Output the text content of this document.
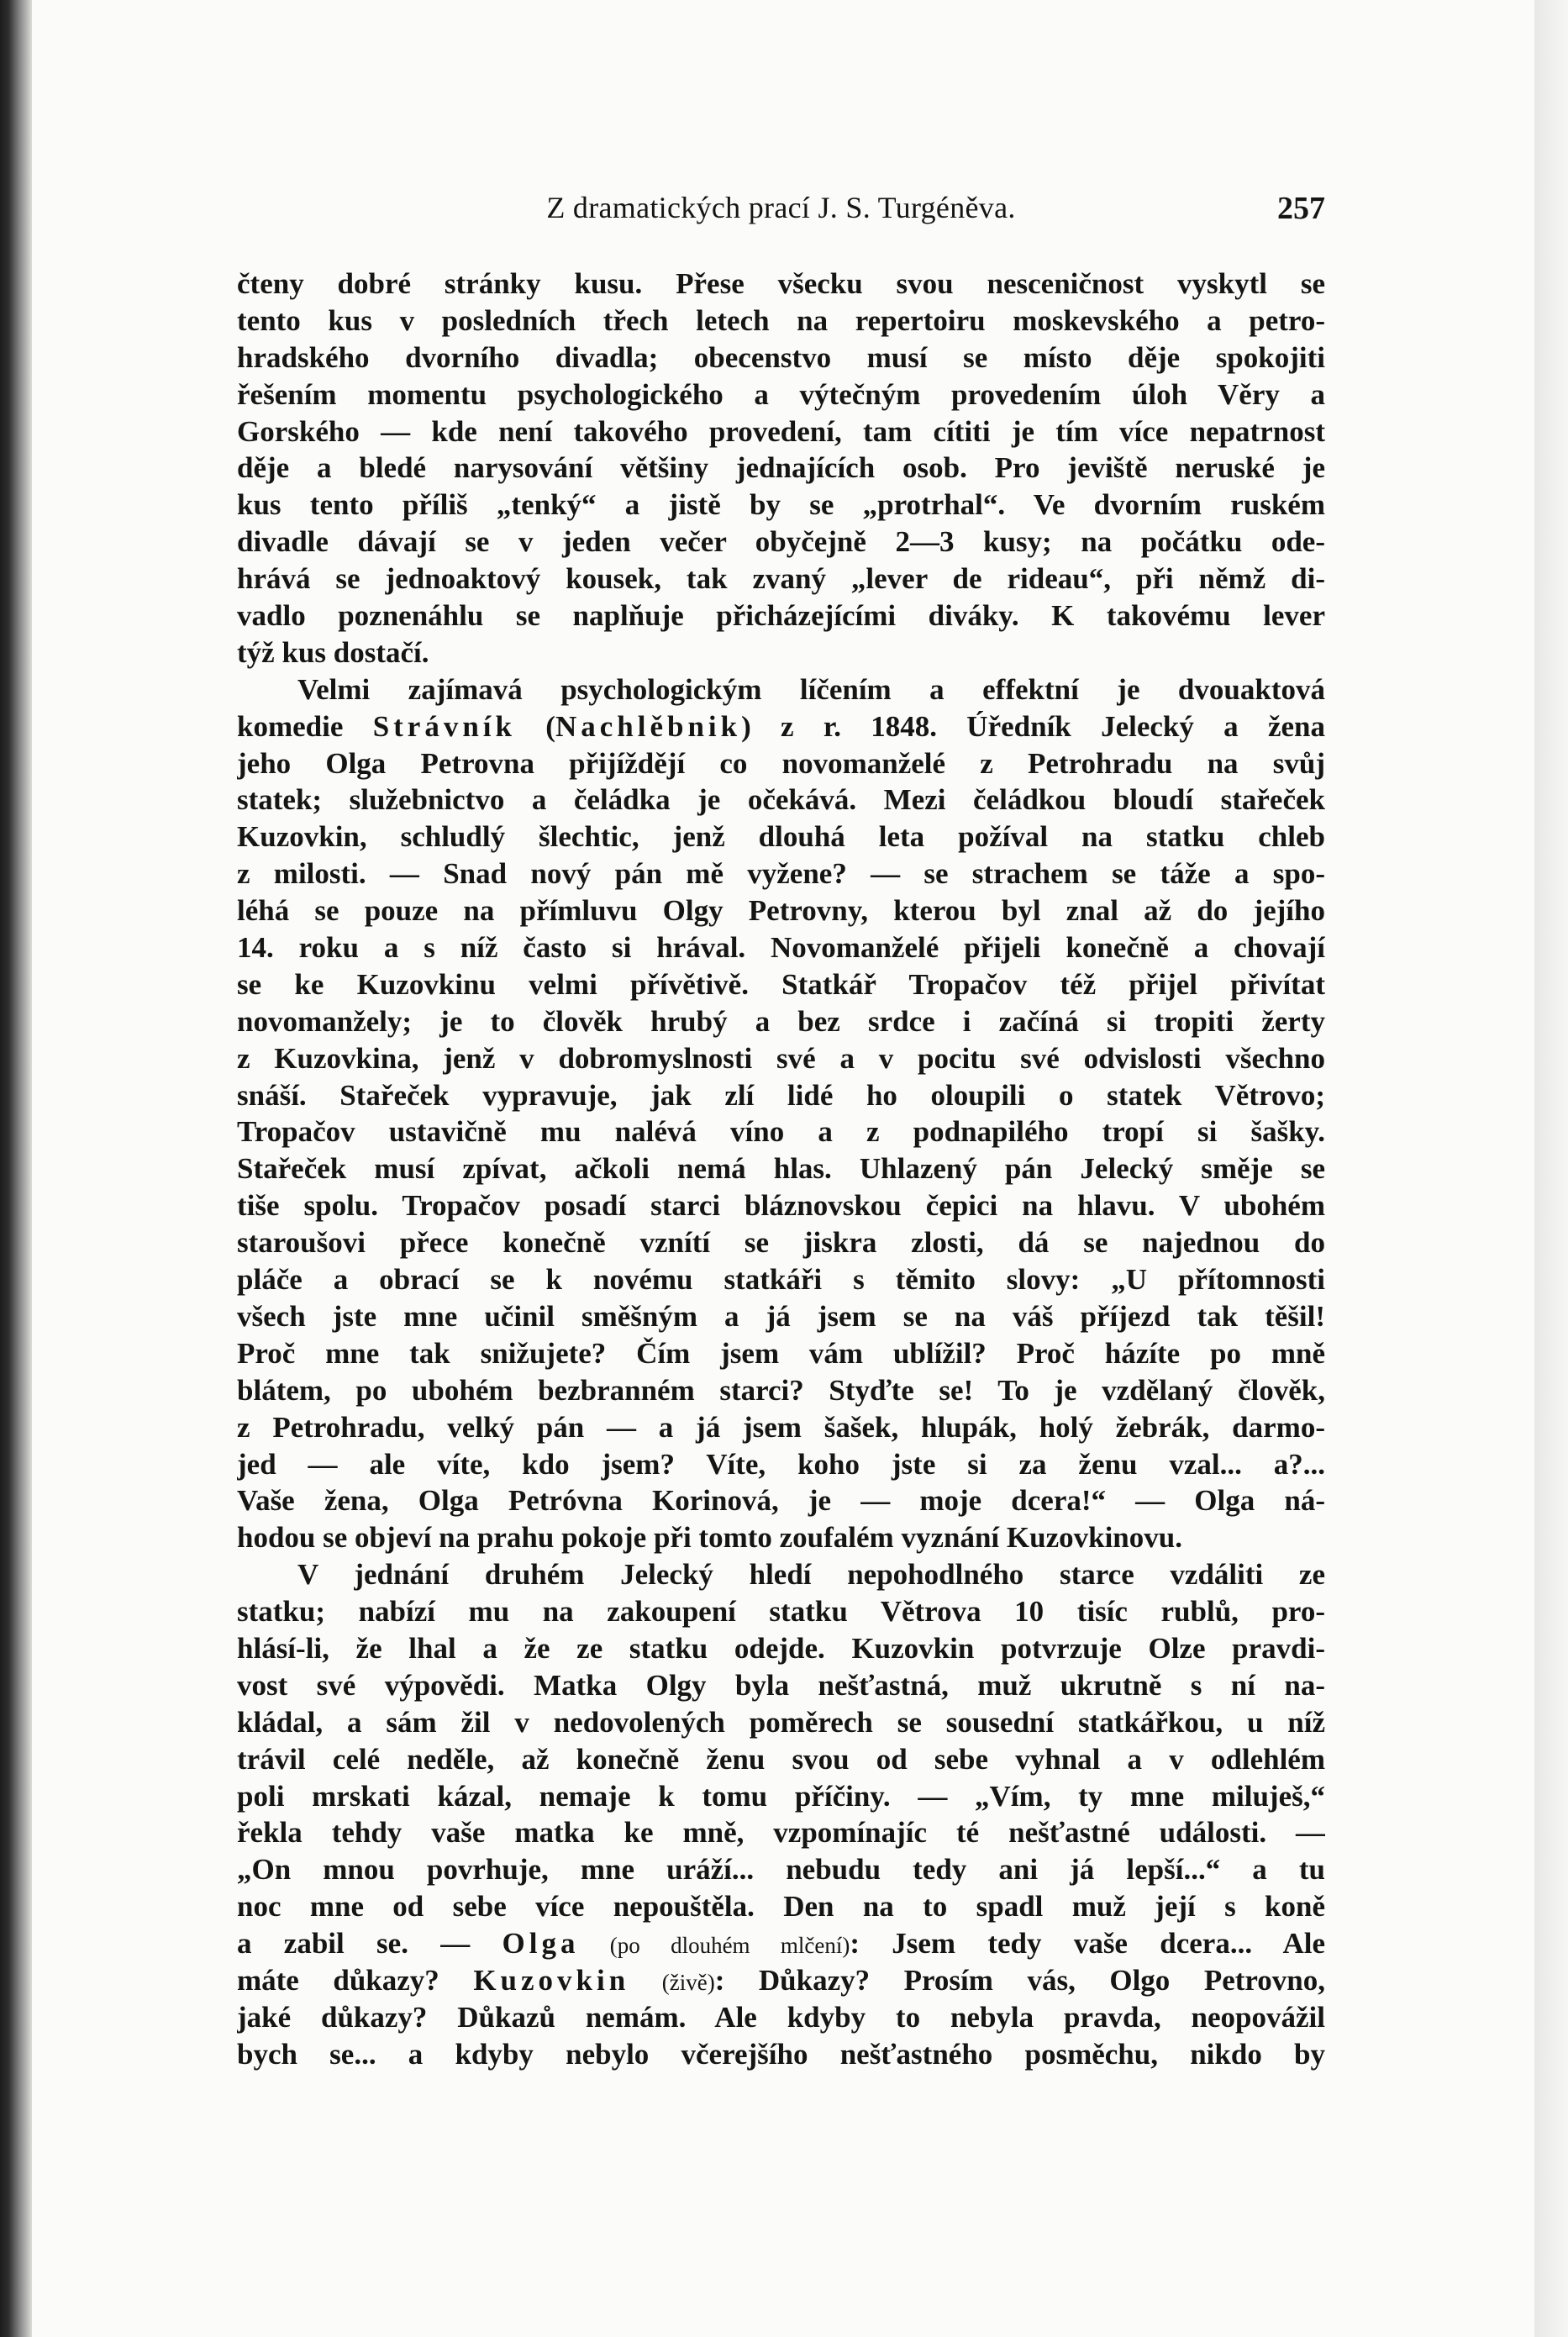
Z dramatických prací J. S. Turgéněva.	257
čteny dobré stránky kusu. Přese všecku svou nesceničnost vyskytl se
tento kus v posledních třech letech na repertoiru moskevského a petro-
hradského dvorního divadla; obecenstvo musí se místo děje spokojiti
řešením momentu psychologického a výtečným provedením úloh Věry a
Gorského — kde není takového provedení, tam cítiti je tím více nepatrnost
děje a bledé narysování většiny jednajících osob. Pro jeviště neruské je
kus tento příliš „tenký“ a jistě by se „protrhal“. Ve dvorním ruském
divadle dávají se v jeden večer obyčejně 2—3 kusy; na počátku ode-
hrává se jednoaktový kousek, tak zvaný „lever de rideau“, při němž di-
vadlo poznenáhlu se naplňuje přicházejícími diváky. K takovému lever
týž kus dostačí.
Velmi zajímavá psychologickým líčením a effektní je dvouaktová
komedie Strávník (Nachlěbnik) z r. 1848. Úředník Jelecký a žena
jeho Olga Petrovna přijíždějí co novomanželé z Petrohradu na svůj
statek; služebnictvo a čeládka je očekává. Mezi čeládkou bloudí stařeček
Kuzovkin, schludlý šlechtic, jenž dlouhá leta požíval na statku chleb
z milosti. — Snad nový pán mě vyžene? — se strachem se táže a spo-
léhá se pouze na přímluvu Olgy Petrovny, kterou byl znal až do jejího
14. roku a s níž často si hrával. Novomanželé přijeli konečně a chovají
se ke Kuzovkinu velmi přívětivě. Statkář Tropačov též přijel přivítat
novomanžely; je to člověk hrubý a bez srdce i začíná si tropiti žerty
z Kuzovkina, jenž v dobromyslnosti své a v pocitu své odvislosti všechno
snáší. Stařeček vypravuje, jak zlí lidé ho oloupili o statek Větrovo;
Tropačov ustavičně mu nalévá víno a z podnapilého tropí si šašky.
Stařeček musí zpívat, ačkoli nemá hlas. Uhlazený pán Jelecký směje se
tiše spolu. Tropačov posadí starci bláznovskou čepici na hlavu. V ubohém
staroušovi přece konečně vznítí se jiskra zlosti, dá se najednou do
pláče a obrací se k novému statkáři s těmito slovy: „U přítomnosti
všech jste mne učinil směšným a já jsem se na váš příjezd tak těšil!
Proč mne tak snižujete? Čím jsem vám ublížil? Proč házíte po mně
blátem, po ubohém bezbranném starci? Styďte se! To je vzdělaný člověk,
z Petrohradu, velký pán — a já jsem šašek, hlupák, holý žebrák, darmo-
jed — ale víte, kdo jsem? Víte, koho jste si za ženu vzal... a?...
Vaše žena, Olga Petróvna Korinová, je — moje dcera!“ — Olga ná-
hodou se objeví na prahu pokoje při tomto zoufalém vyznání Kuzovkinovu.
V jednání druhém Jelecký hledí nepohodlného starce vzdáliti ze
statku; nabízí mu na zakoupení statku Větrova 10 tisíc rublů, pro-
hlásí-li, že lhal a že ze statku odejde. Kuzovkin potvrzuje Olze pravdi-
vost své výpovědi. Matka Olgy byla nešťastná, muž ukrutně s ní na-
kládal, a sám žil v nedovolených poměrech se sousední statkářkou, u níž
trávil celé neděle, až konečně ženu svou od sebe vyhnal a v odlehlém
poli mrskati kázal, nemaje k tomu příčiny. — „Vím, ty mne miluješ,“
řekla tehdy vaše matka ke mně, vzpomínajíc té nešťastné události. —
„On mnou povrhuje, mne uráží... nebudu tedy ani já lepší...“ a tu
noc mne od sebe více nepouštěla. Den na to spadl muž její s koně
a zabil se. — Olga (po dlouhém mlčení): Jsem tedy vaše dcera... Ale
máte důkazy? Kuzovkin (živě): Důkazy? Prosím vás, Olgo Petrovno,
jaké důkazy? Důkazů nemám. Ale kdyby to nebyla pravda, neopovážil
bych se... a kdyby nebylo včerejšího nešťastného posměchu, nikdo by
